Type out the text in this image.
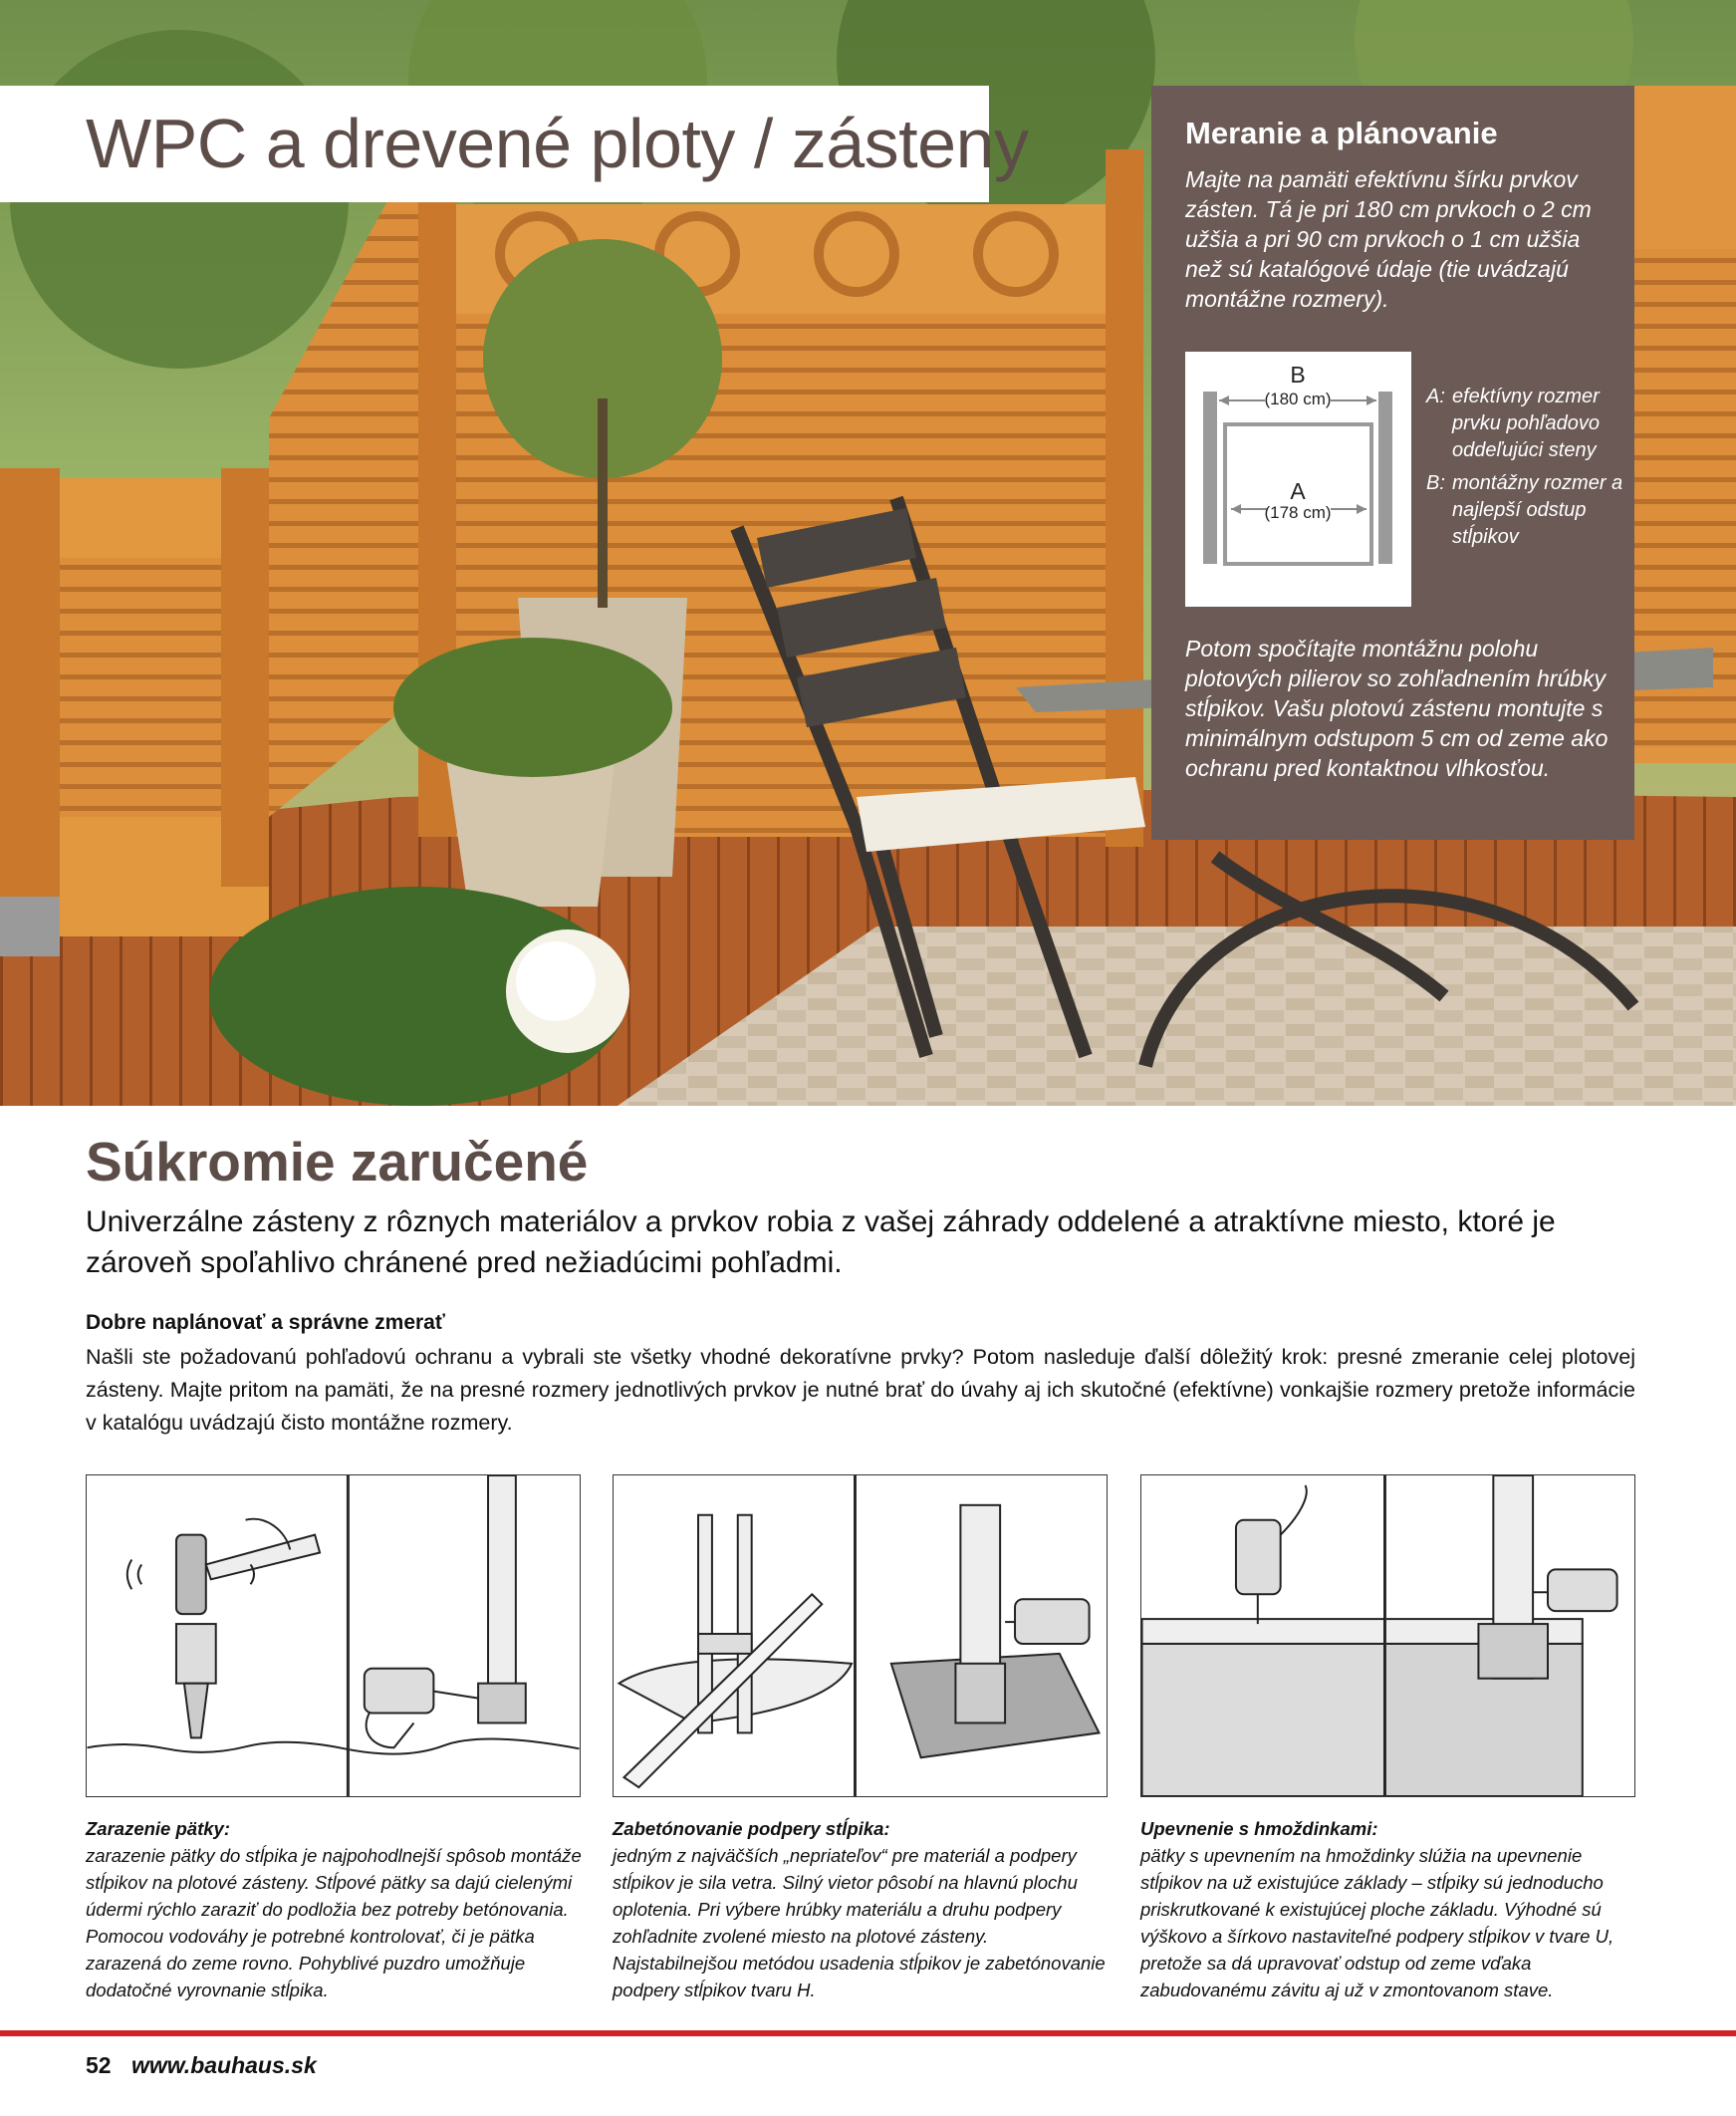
WPC a drevené ploty / zásteny	Meranie a plánovanie

Majte na pamäti efektívnu šírku prvkov zásten. Tá je pri 180 cm prvkoch o 2 cm užšia a pri 90 cm prvkoch o 1 cm užšia než sú katalógové údaje (tie uvádzajú montážne rozmery).

B
(180 cm)
A
(178 cm)
A: efektívny rozmer prvku pohľadovo oddeľujúci steny
B: montážny rozmer a najlepší odstup stĺpikov

Potom spočítajte montážnu polohu plotových pilierov so zohľadnením hrúbky stĺpikov. Vašu plotovú zástenu montujte s minimálnym odstupom 5 cm od zeme ako ochranu pred kontaktnou vlhkosťou.

Súkromie zaručené

Univerzálne zásteny z rôznych materiálov a prvkov robia z vašej záhrady oddelené a atraktívne miesto, ktoré je zároveň spoľahlivo chránené pred nežiadúcimi pohľadmi.

Dobre naplánovať a správne zmerať

Našli ste požadovanú pohľadovú ochranu a vybrali ste všetky vhodné dekoratívne prvky? Potom nasleduje ďalší dôležitý krok: presné zmeranie celej plotovej zásteny. Majte pritom na pamäti, že na presné rozmery jednotlivých prvkov je nutné brať do úvahy aj ich skutočné (efektívne) vonkajšie rozmery pretože informácie v katalógu uvádzajú čisto montážne rozmery.

Zarazenie pätky:
zarazenie pätky do stĺpika je najpohodlnejší spôsob montáže stĺpikov na plotové zásteny. Stĺpové pätky sa dajú cielenými údermi rýchlo zaraziť do podložia bez potreby betónovania. Pomocou vodováhy je potrebné kontrolovať, či je pätka zarazená do zeme rovno. Pohyblivé puzdro umožňuje dodatočné vyrovnanie stĺpika.
Zabetónovanie podpery stĺpika:
jedným z najväčších „nepriateľov“ pre materiál a podpery stĺpikov je sila vetra. Silný vietor pôsobí na hlavnú plochu oplotenia. Pri výbere hrúbky materiálu a druhu podpery zohľadnite zvolené miesto na plotové zásteny. Najstabilnejšou metódou usadenia stĺpikov je zabetónovanie podpery stĺpikov tvaru H.
Upevnenie s hmoždinkami:
pätky s upevnením na hmoždinky slúžia na upevnenie stĺpikov na už existujúce základy – stĺpiky sú jednoducho priskrutkované k existujúcej ploche základu. Výhodné sú výškovo a šírkovo nastaviteľné podpery stĺpikov v tvare U, pretože sa dá upravovať odstup od zeme vďaka zabudovanému závitu aj už v zmontovanom stave.
52 www.bauhaus.sk
